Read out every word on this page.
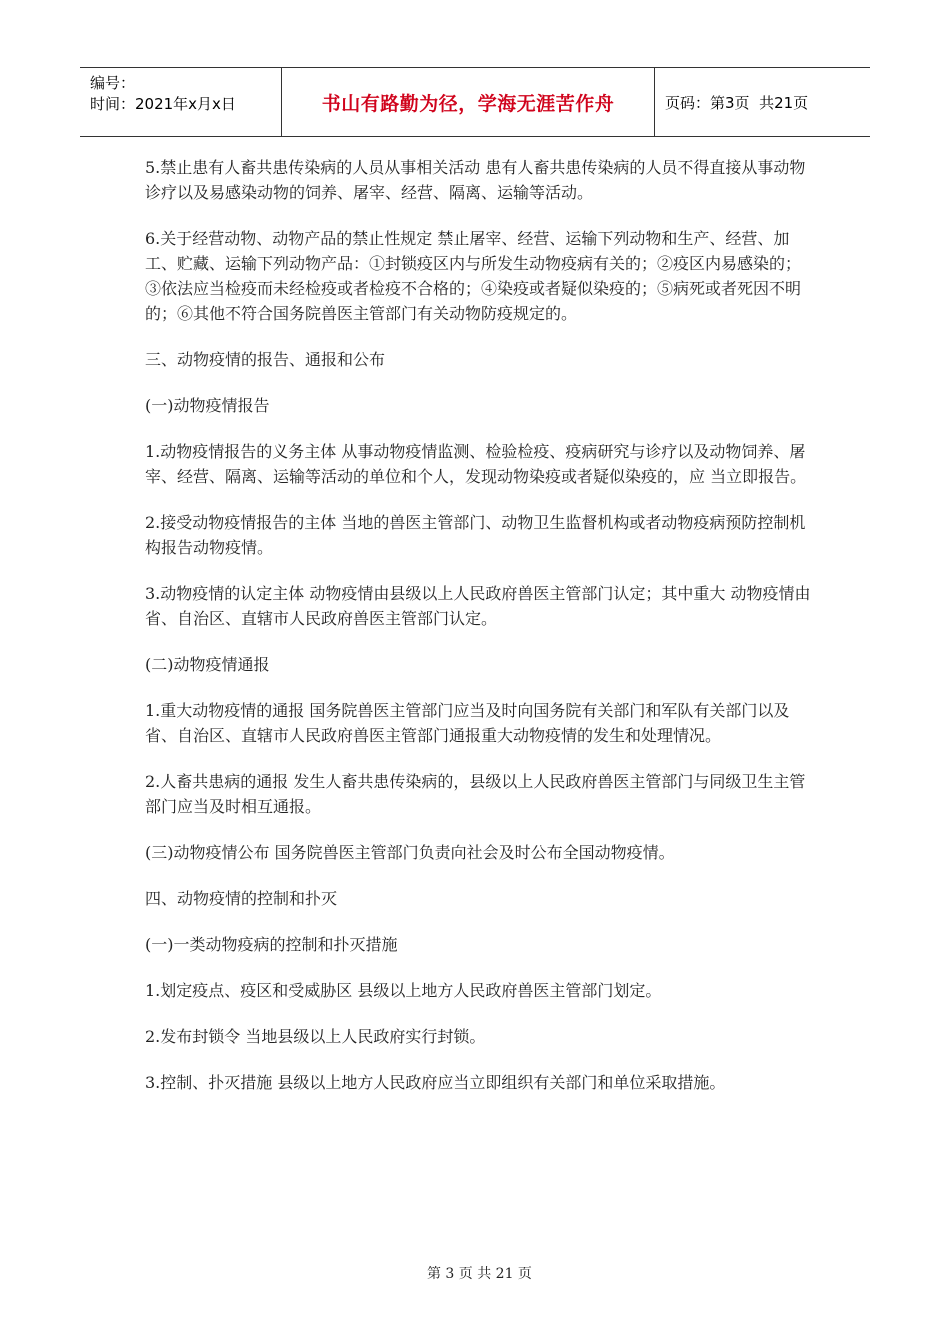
编号：
时间：2021年x月x日	书山有路勤为径，学海无涯苦作舟	页码：第3页  共21页

5.禁止患有人畜共患传染病的人员从事相关活动 患有人畜共患传染病的人员不得直接从事动物诊疗以及易感染动物的饲养、屠宰、经营、隔离、运输等活动。

6.关于经营动物、动物产品的禁止性规定 禁止屠宰、经营、运输下列动物和生产、经营、加工、贮藏、运输下列动物产品：①封锁疫区内与所发生动物疫病有关的；②疫区内易感染的；③依法应当检疫而未经检疫或者检疫不合格的；④染疫或者疑似染疫的；⑤病死或者死因不明的；⑥其他不符合国务院兽医主管部门有关动物防疫规定的。

三、动物疫情的报告、通报和公布

(一)动物疫情报告

1.动物疫情报告的义务主体 从事动物疫情监测、检验检疫、疫病研究与诊疗以及动物饲养、屠宰、经营、隔离、运输等活动的单位和个人，发现动物染疫或者疑似染疫的，应 当立即报告。

2.接受动物疫情报告的主体 当地的兽医主管部门、动物卫生监督机构或者动物疫病预防控制机构报告动物疫情。

3.动物疫情的认定主体 动物疫情由县级以上人民政府兽医主管部门认定；其中重大 动物疫情由省、自治区、直辖市人民政府兽医主管部门认定。

(二)动物疫情通报

1.重大动物疫情的通报 国务院兽医主管部门应当及时向国务院有关部门和军队有关部门以及省、自治区、直辖市人民政府兽医主管部门通报重大动物疫情的发生和处理情况。

2.人畜共患病的通报 发生人畜共患传染病的，县级以上人民政府兽医主管部门与同级卫生主管部门应当及时相互通报。

(三)动物疫情公布 国务院兽医主管部门负责向社会及时公布全国动物疫情。

四、动物疫情的控制和扑灭

(一)一类动物疫病的控制和扑灭措施

1.划定疫点、疫区和受威胁区 县级以上地方人民政府兽医主管部门划定。

2.发布封锁令 当地县级以上人民政府实行封锁。

3.控制、扑灭措施 县级以上地方人民政府应当立即组织有关部门和单位采取措施。

第 3 页 共 21 页
